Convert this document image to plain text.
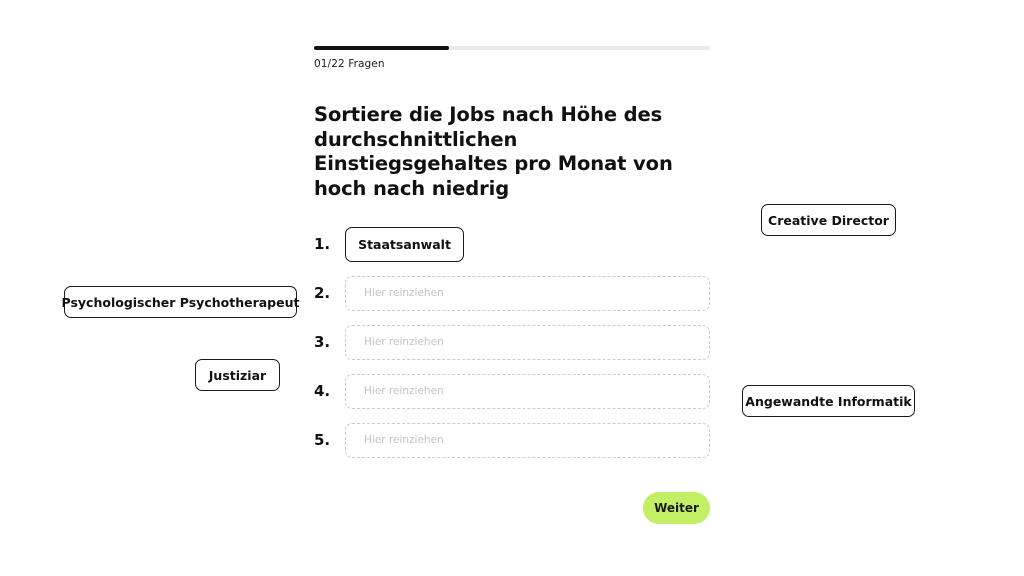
01/22 Fragen
Sortiere die Jobs nach Höhe des durchschnittlichen Einstiegsgehaltes pro Monat von hoch nach niedrig
1.	Staatsanwalt
2.	Hier reinziehen
3.	Hier reinziehen
4.	Hier reinziehen
5.	Hier reinziehen
Creative Director
Psychologischer Psychotherapeut
Justiziar
Angewandte Informatik
Weiter
